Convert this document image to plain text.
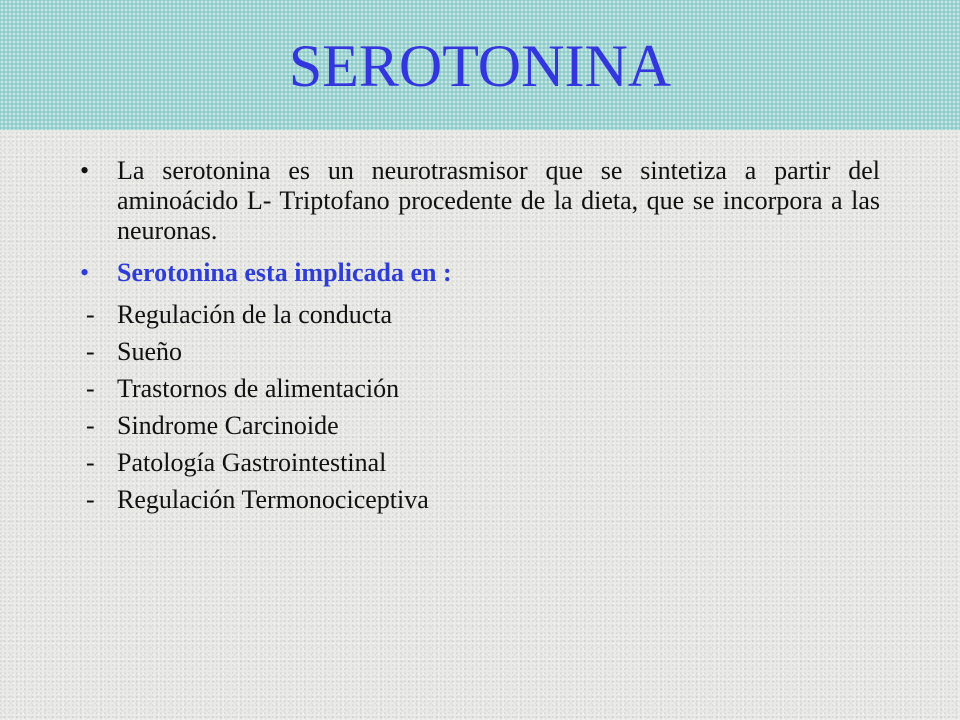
SEROTONINA

• La serotonina es un neurotrasmisor que se sintetiza a partir del aminoácido L- Triptofano procedente de la dieta, que se incorpora a las neuronas.

• Serotonina esta implicada en :

- Regulación de la conducta
- Sueño
- Trastornos de alimentación
- Sindrome Carcinoide
- Patología Gastrointestinal
- Regulación Termonociceptiva
